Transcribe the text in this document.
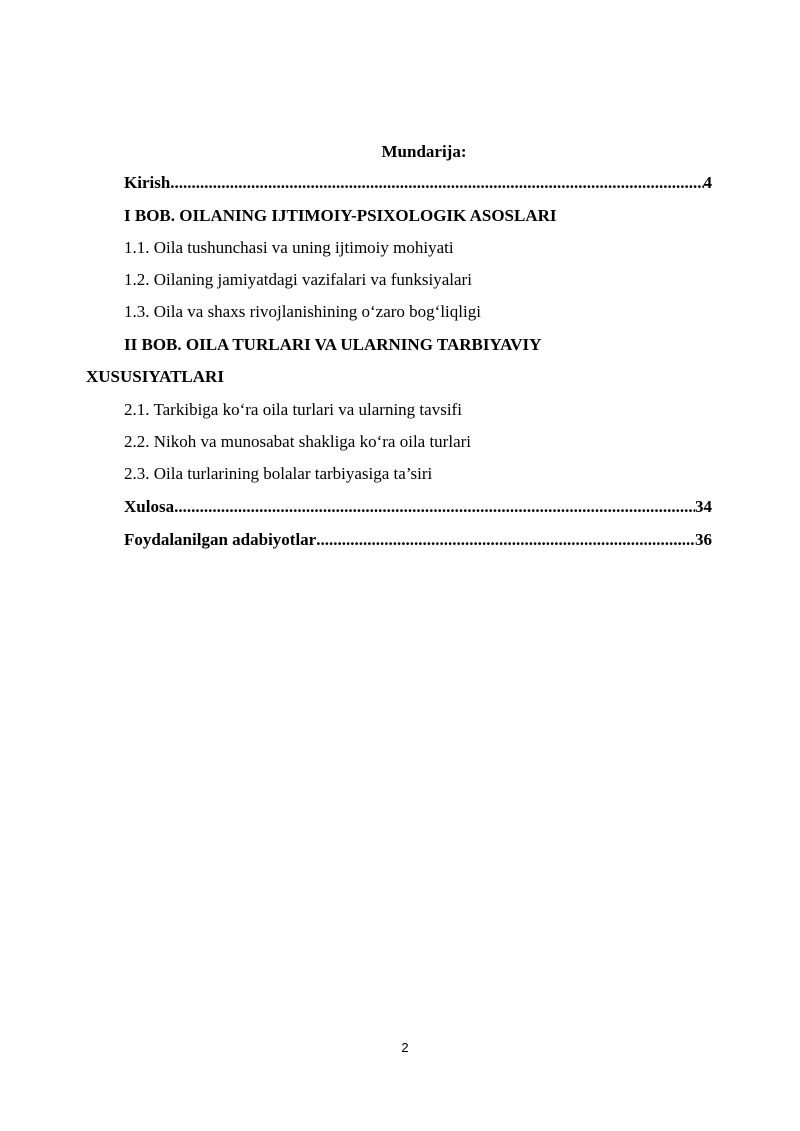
Mundarija:
Kirish .....	4
I BOB. OILANING IJTIMOIY-PSIXOLOGIK ASOSLARI
1.1. Oila tushunchasi va uning ijtimoiy mohiyati
1.2. Oilaning jamiyatdagi vazifalari va funksiyalari
1.3. Oila va shaxs rivojlanishining o‘zaro bog‘liqligi
II BOB. OILA TURLARI VA ULARNING TARBIYAVIY
XUSUSIYATLARI
2.1. Tarkibiga ko‘ra oila turlari va ularning tavsifi
2.2. Nikoh va munosabat shakliga ko‘ra oila turlari
2.3. Oila turlarining bolalar tarbiyasiga ta’siri
Xulosa .....	34
Foydalanilgan adabiyotlar .....	36
2
